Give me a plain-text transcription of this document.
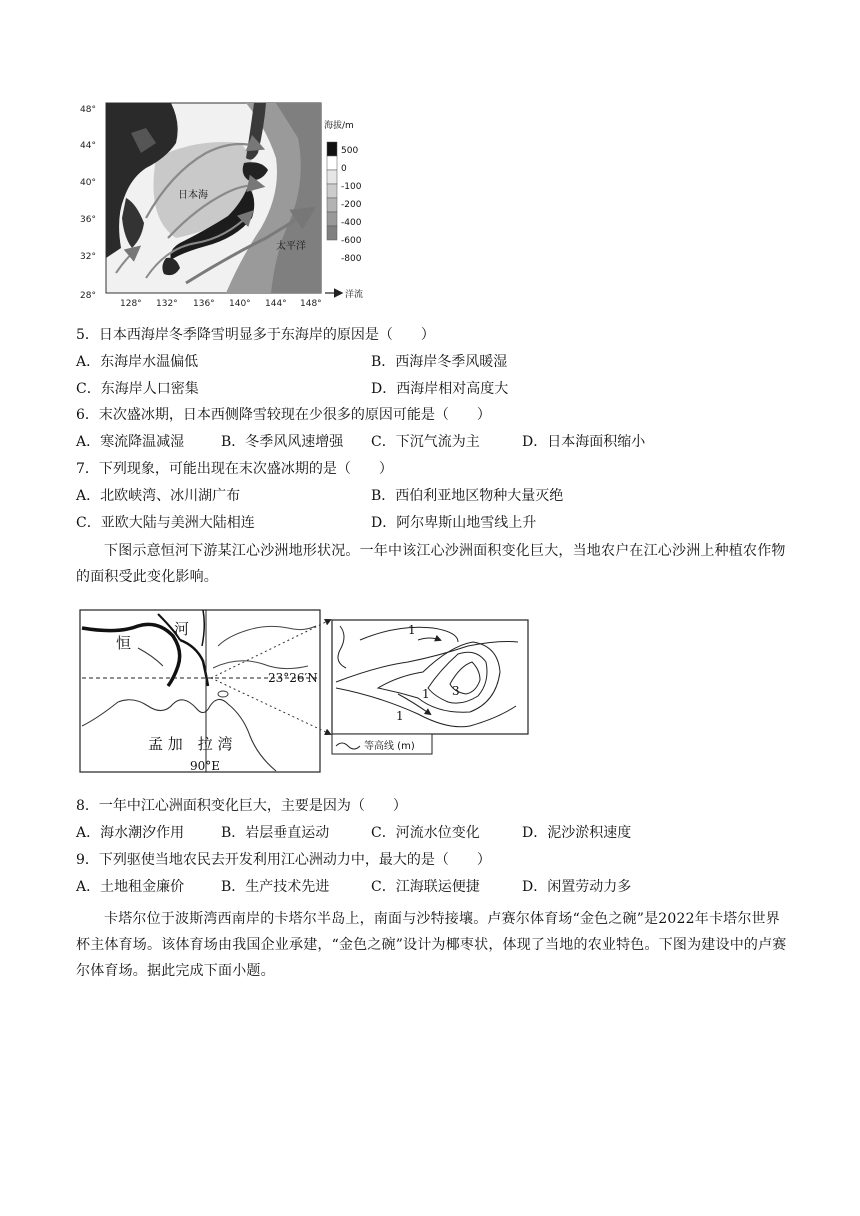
日本海
太平洋
48°
44°
40°
36°
32°
28°
128° 132° 136° 140° 144° 148°
海拔/m
500
0
-100
-200
-400
-600
-800
洋流
5．日本西海岸冬季降雪明显多于东海岸的原因是（　　）
A．东海岸水温偏低	B．西海岸冬季风暖湿
C．东海岸人口密集	D．西海岸相对高度大
6．末次盛冰期，日本西侧降雪较现在少很多的原因可能是（　　）
A．寒流降温减湿	B．冬季风风速增强 C．下沉气流为主	D．日本海面积缩小
7．下列现象，可能出现在末次盛冰期的是（　　）
A．北欧峡湾、冰川湖广布	B．西伯利亚地区物种大量灭绝
C．亚欧大陆与美洲大陆相连	D．阿尔卑斯山地雪线上升
下图示意恒河下游某江心沙洲地形状况。一年中该江心沙洲面积变化巨大，当地农户在江心沙洲上种植农作物的面积受此变化影响。
恒
河
23°26′N
90°E
孟 加　拉 湾
1
1
1
3
等高线 (m)
8．一年中江心洲面积变化巨大，主要是因为（　　）
A．海水潮汐作用	B．岩层垂直运动	C．河流水位变化	D．泥沙淤积速度
9．下列驱使当地农民去开发利用江心洲动力中，最大的是（　　）
A．土地租金廉价	B．生产技术先进	C．江海联运便捷	D．闲置劳动力多
卡塔尔位于波斯湾西南岸的卡塔尔半岛上，南面与沙特接壤。卢赛尔体育场“金色之碗”是2022年卡塔尔世界杯主体育场。该体育场由我国企业承建，“金色之碗”设计为椰枣状，体现了当地的农业特色。下图为建设中的卢赛尔体育场。据此完成下面小题。
